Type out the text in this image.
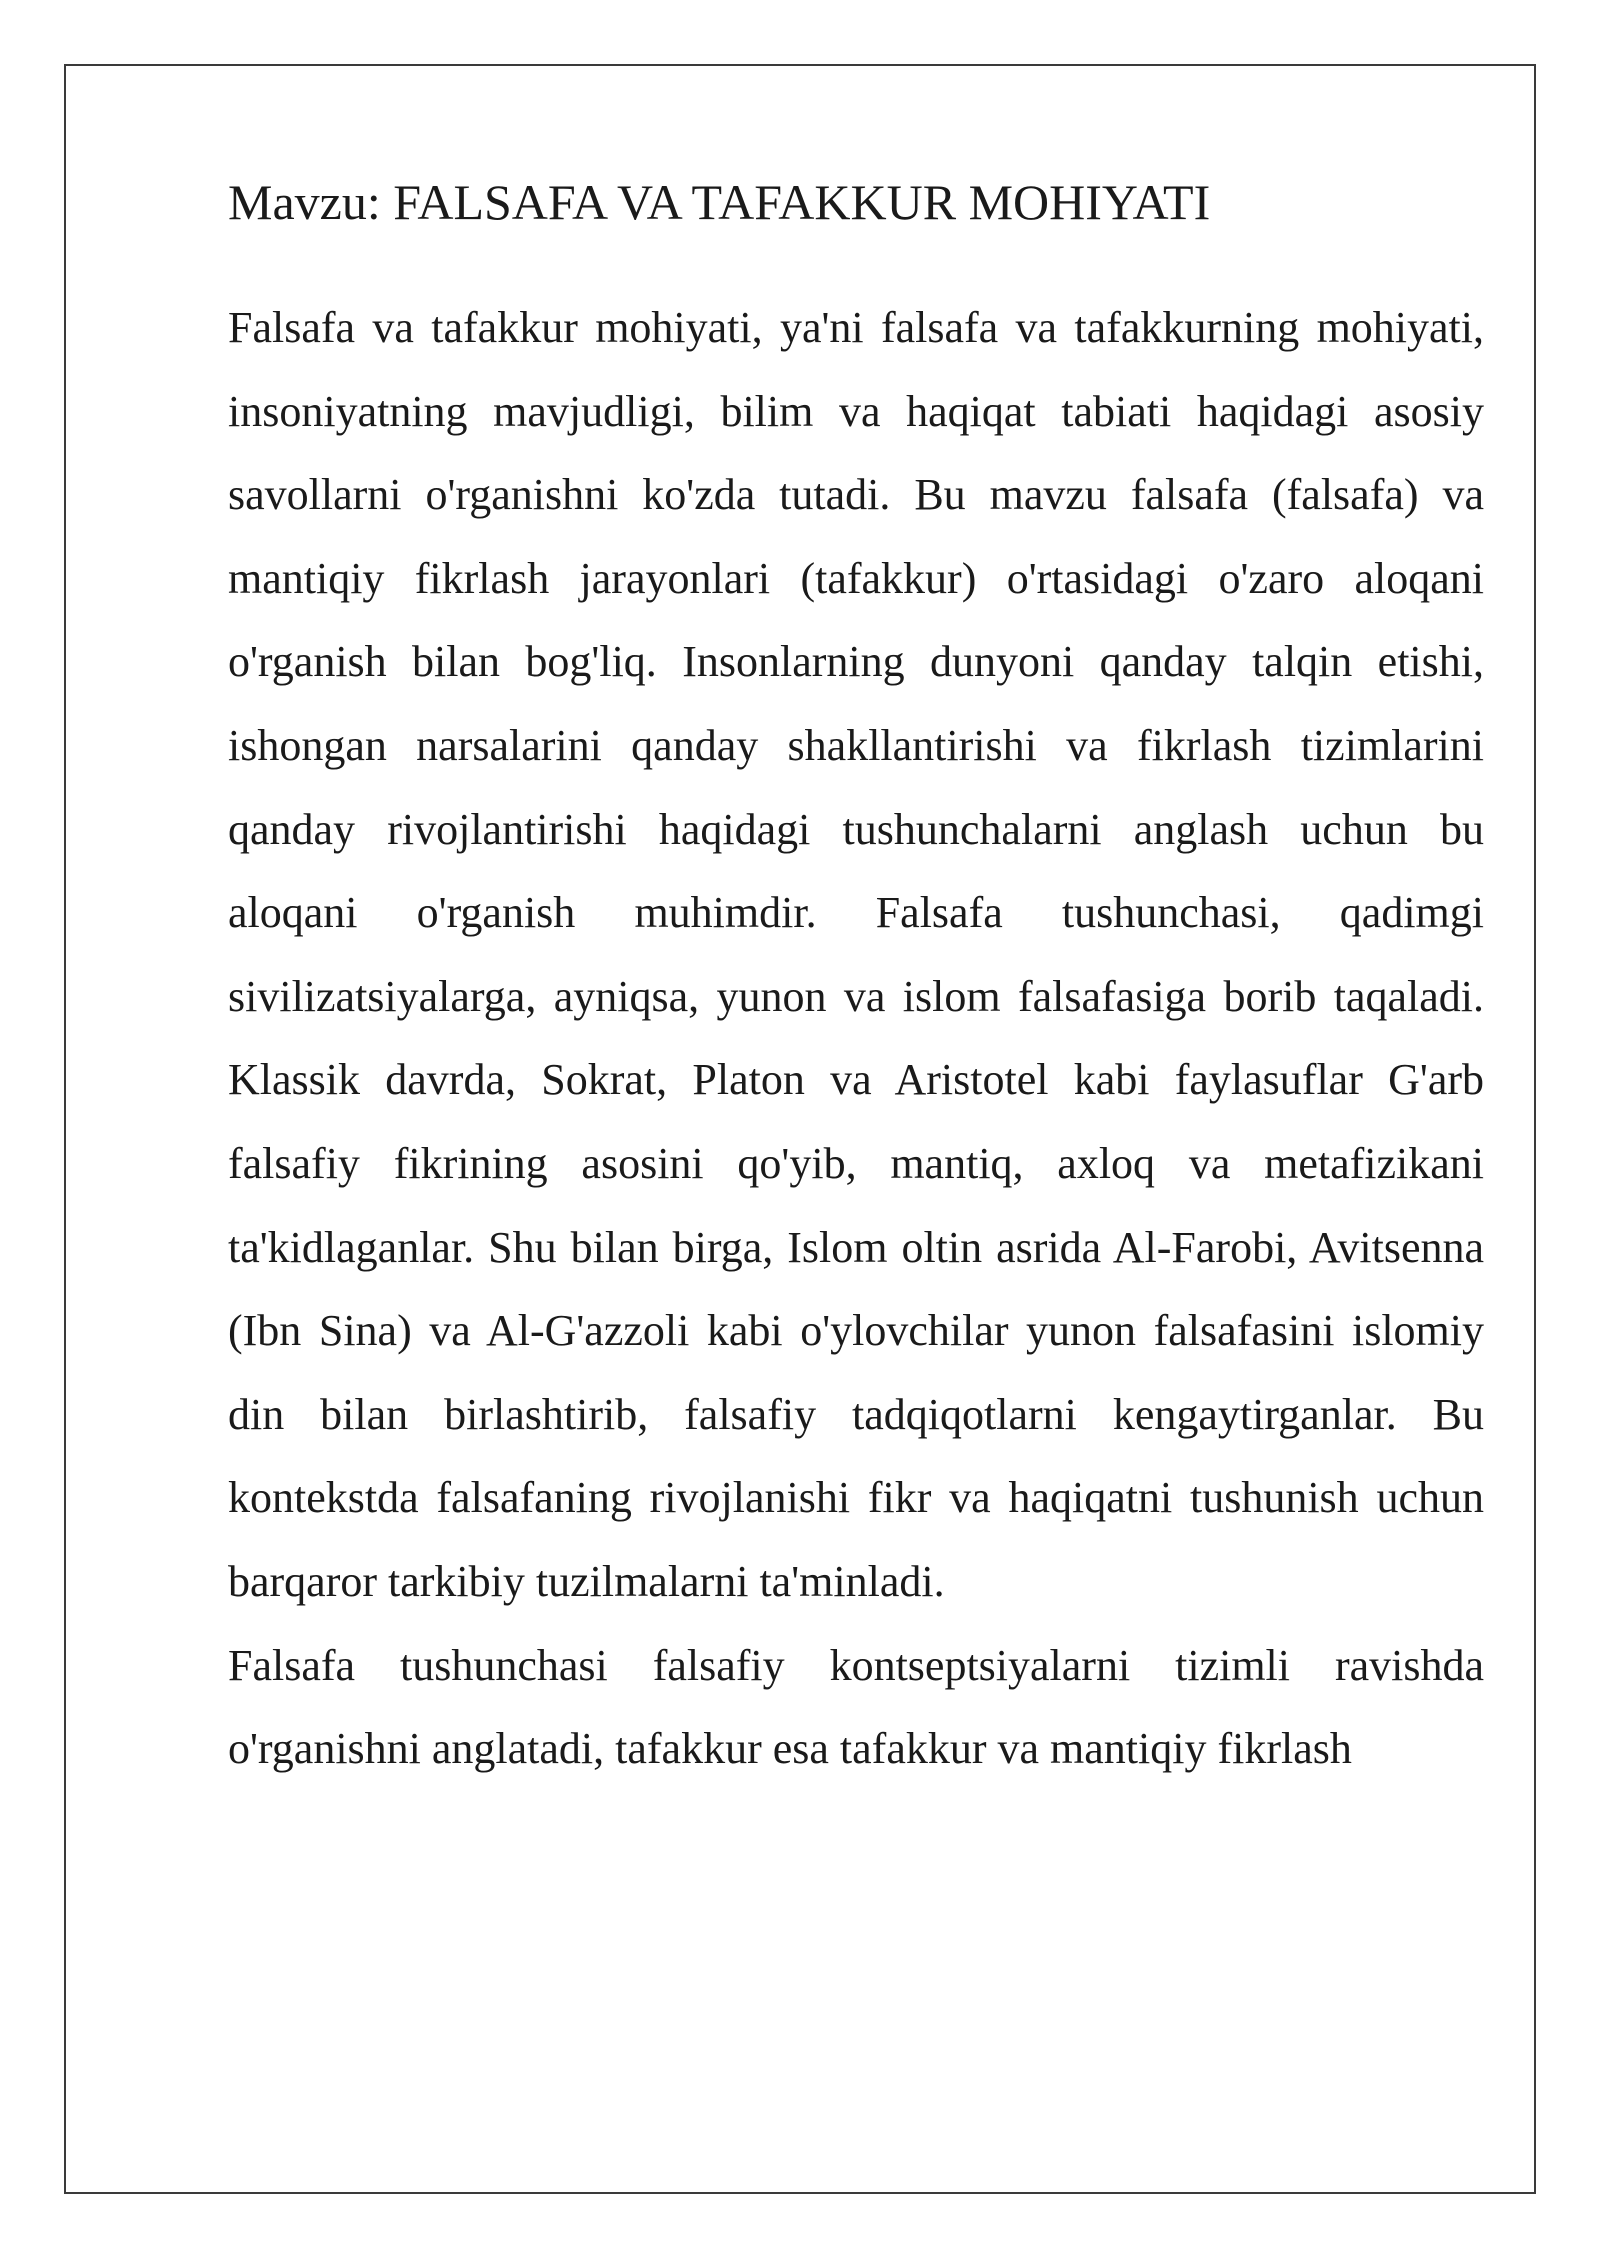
Mavzu: FALSAFA VA TAFAKKUR MOHIYATI

Falsafa va tafakkur mohiyati, ya'ni falsafa va tafakkurning mohiyati, insoniyatning mavjudligi, bilim va haqiqat tabiati haqidagi asosiy savollarni o'rganishni ko'zda tutadi. Bu mavzu falsafa (falsafa) va mantiqiy fikrlash jarayonlari (tafakkur) o'rtasidagi o'zaro aloqani o'rganish bilan bog'liq. Insonlarning dunyoni qanday talqin etishi, ishongan narsalarini qanday shakllantirishi va fikrlash tizimlarini qanday rivojlantirishi haqidagi tushunchalarni anglash uchun bu aloqani o'rganish muhimdir. Falsafa tushunchasi, qadimgi sivilizatsiyalarga, ayniqsa, yunon va islom falsafasiga borib taqaladi. Klassik davrda, Sokrat, Platon va Aristotel kabi faylasuflar G'arb falsafiy fikrining asosini qo'yib, mantiq, axloq va metafizikani ta'kidlaganlar. Shu bilan birga, Islom oltin asrida Al-Farobi, Avitsenna (Ibn Sina) va Al-G'azzoli kabi o'ylovchilar yunon falsafasini islomiy din bilan birlashtirib, falsafiy tadqiqotlarni kengaytirganlar. Bu kontekstda falsafaning rivojlanishi fikr va haqiqatni tushunish uchun barqaror tarkibiy tuzilmalarni ta'minladi.

Falsafa tushunchasi falsafiy kontseptsiyalarni tizimli ravishda o'rganishni anglatadi, tafakkur esa tafakkur va mantiqiy fikrlash
